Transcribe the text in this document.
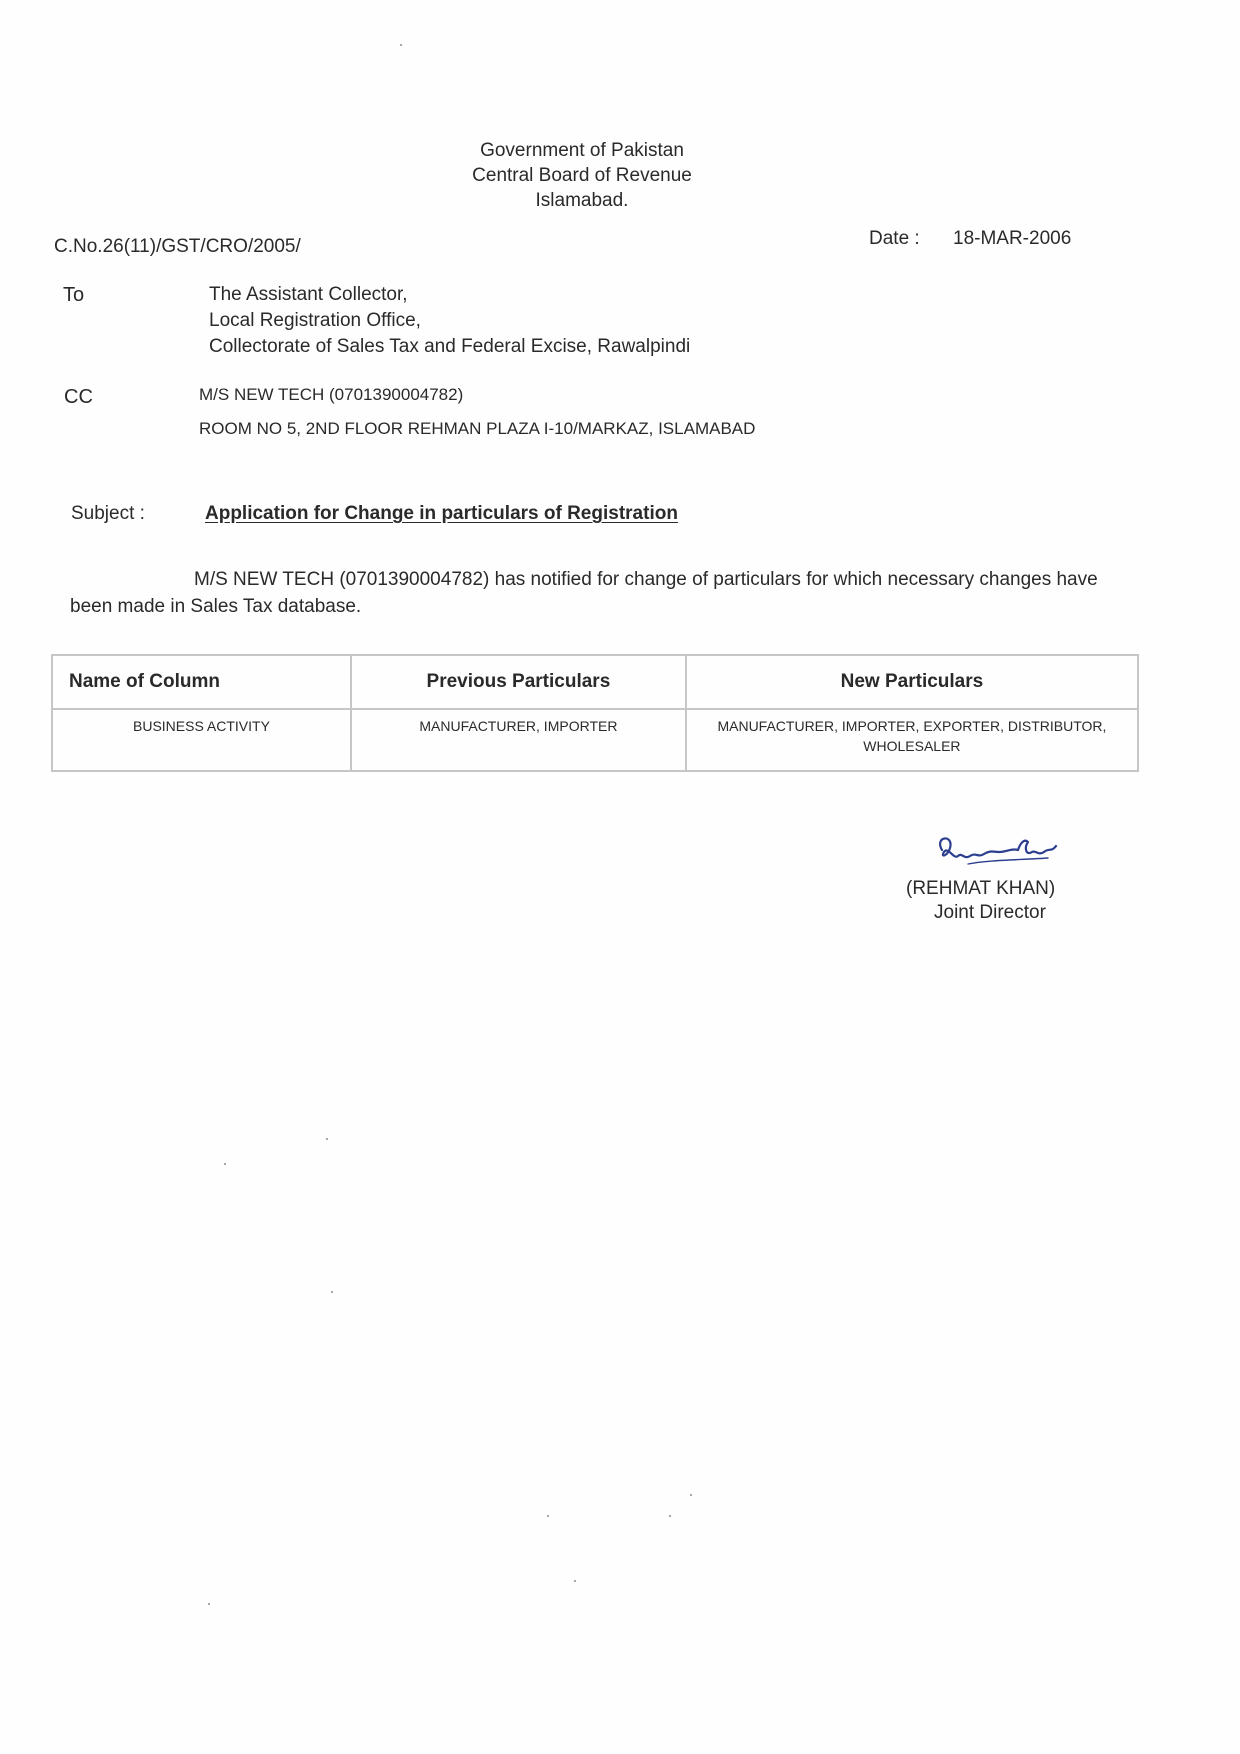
Government of Pakistan
Central Board of Revenue
Islamabad.
C.No.26(11)/GST/CRO/2005/	Date : 18-MAR-2006
To	The Assistant Collector,
Local Registration Office,
Collectorate of Sales Tax and Federal Excise, Rawalpindi
CC	M/S NEW TECH (0701390004782)
ROOM NO 5, 2ND FLOOR REHMAN PLAZA I-10/MARKAZ, ISLAMABAD
Subject :	Application for Change in particulars of Registration
M/S NEW TECH (0701390004782) has notified for change of particulars for which necessary changes have been made in Sales Tax database.
Name of Column	Previous Particulars	New Particulars
BUSINESS ACTIVITY	MANUFACTURER, IMPORTER	MANUFACTURER, IMPORTER, EXPORTER, DISTRIBUTOR, WHOLESALER
(REHMAT KHAN)
Joint Director
